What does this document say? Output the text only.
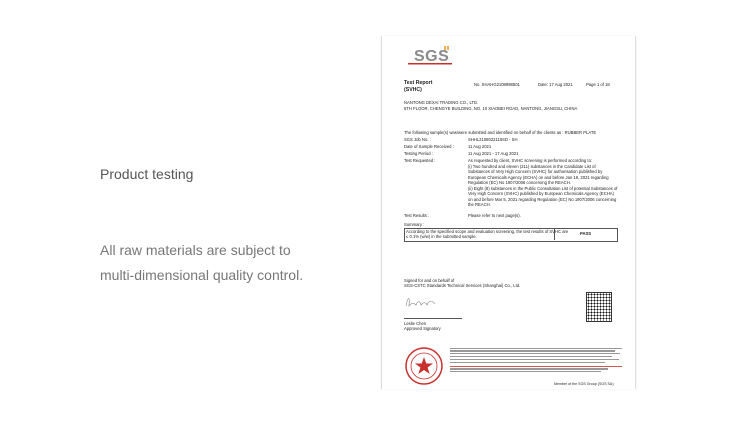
Product testing
All raw materials are subject to
multi-dimensional quality control.
SGS
Test Report
(SVHC)
No. SHAHG2108998501	Date: 17 Aug 2021	Page 1 of 18
NANTONG DEXAI TRADING CO., LTD.
6TH FLOOR, CHENGYE BUILDING, NO. 10 XIAOBEI ROAD, NANTONG, JIANGSU, CHINA
The following sample(s) was/were submitted and identified on behalf of the clients as : RUBBER PLATE
SGS Job No. :	SHHL2108022116SD - SH
Date of Sample Received :	11 Aug 2021
Testing Period :	11 Aug 2021 - 17 Aug 2021
Test Requested :	As requested by client, SVHC screening is performed according to:
(i) Two hundred and eleven (211) substances in the Candidate List of
Substances of Very High Concern (SVHC) for authorisation published by
European Chemicals Agency (ECHA) on and before Jan 19, 2021 regarding
Regulation (EC) No 1907/2006 concerning the REACH.
(ii) Eight (8) substances in the Public Consultation List of potential Substances of
Very High Concern (SVHC) published by European Chemicals Agency (ECHA)
on and before Mar 5, 2021 regarding Regulation (EC) No 1907/2006 concerning
the REACH.
Test Results :	Please refer to next page(s).
Summary :
According to the specified scope and evaluation screening, the test results of SVHC are
≤ 0.1% (w/w) in the submitted sample.
PASS
Signed for and on behalf of
SGS-CSTC Standards Technical Services (Shanghai) Co., Ltd.
Leslie Chen
Approved Signatory
Member of the SGS Group (SGS SA)
